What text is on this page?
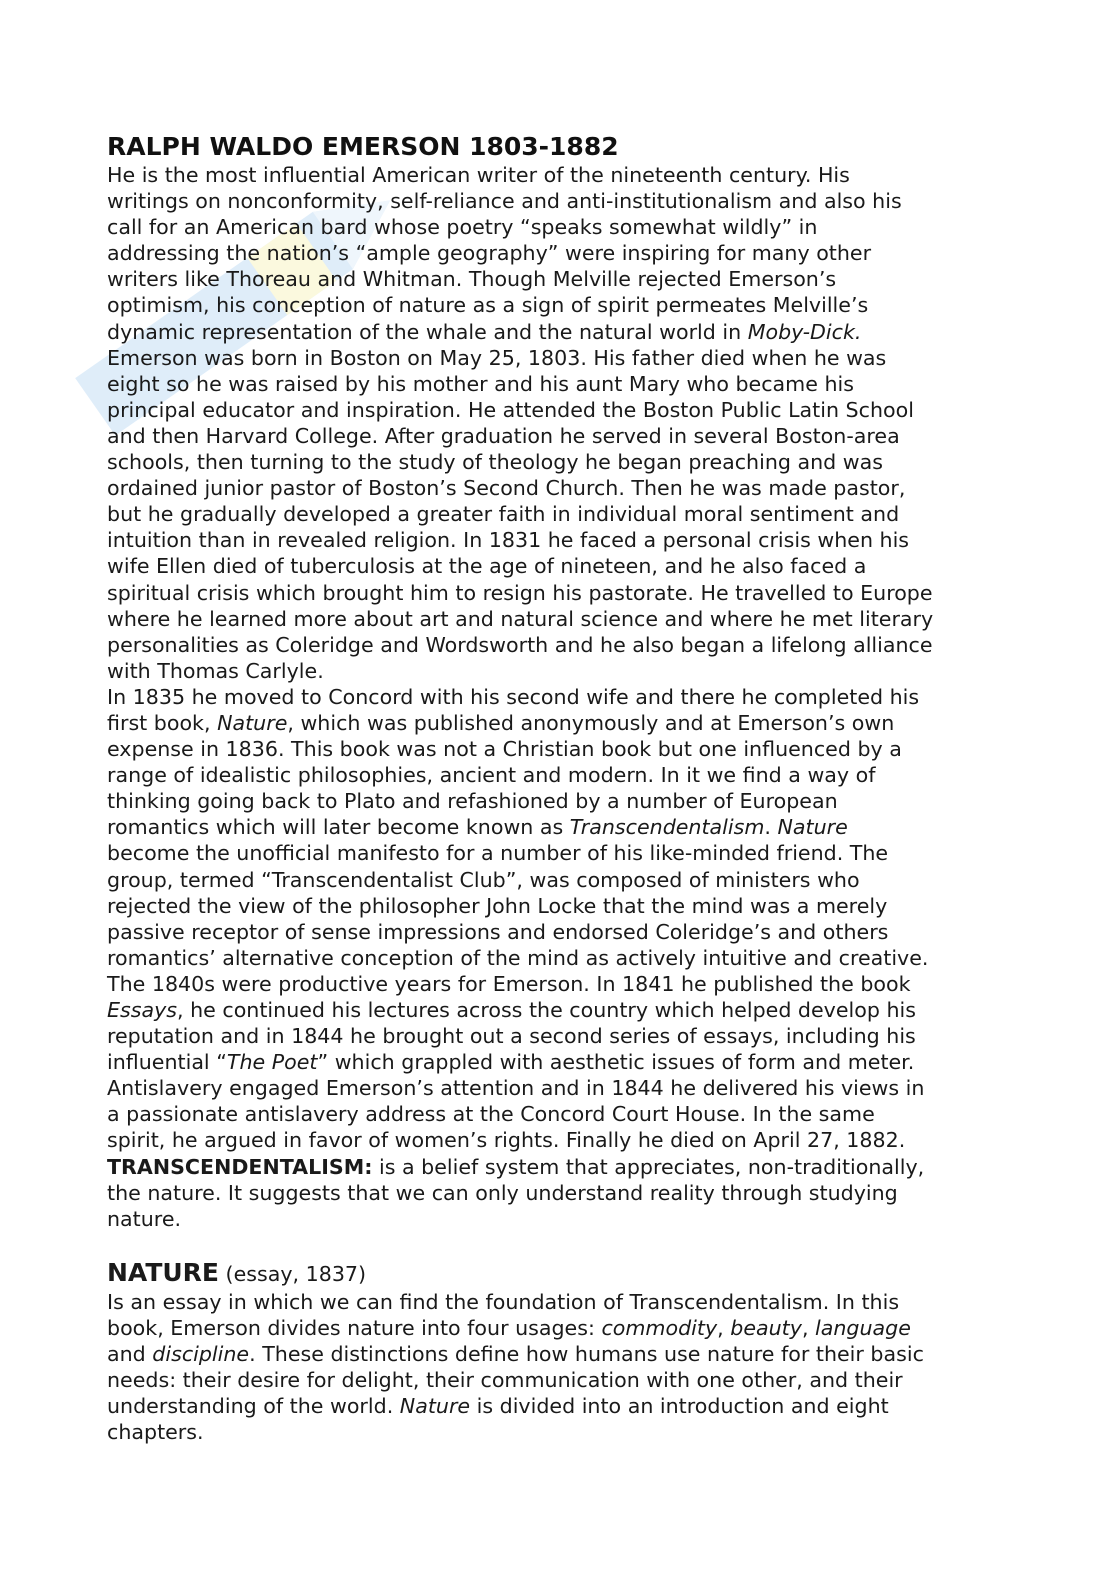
RALPH WALDO EMERSON 1803-1882
He is the most influential American writer of the nineteenth century. His
writings on nonconformity, self-reliance and anti-institutionalism and also his
call for an American bard whose poetry “speaks somewhat wildly” in
addressing the nation’s “ample geography” were inspiring for many other
writers like Thoreau and Whitman. Though Melville rejected Emerson’s
optimism, his conception of nature as a sign of spirit permeates Melville’s
dynamic representation of the whale and the natural world in Moby-Dick.
Emerson was born in Boston on May 25, 1803. His father died when he was
eight so he was raised by his mother and his aunt Mary who became his
principal educator and inspiration. He attended the Boston Public Latin School
and then Harvard College. After graduation he served in several Boston-area
schools, then turning to the study of theology he began preaching and was
ordained junior pastor of Boston’s Second Church. Then he was made pastor,
but he gradually developed a greater faith in individual moral sentiment and
intuition than in revealed religion. In 1831 he faced a personal crisis when his
wife Ellen died of tuberculosis at the age of nineteen, and he also faced a
spiritual crisis which brought him to resign his pastorate. He travelled to Europe
where he learned more about art and natural science and where he met literary
personalities as Coleridge and Wordsworth and he also began a lifelong alliance
with Thomas Carlyle.
In 1835 he moved to Concord with his second wife and there he completed his
first book, Nature, which was published anonymously and at Emerson’s own
expense in 1836. This book was not a Christian book but one influenced by a
range of idealistic philosophies, ancient and modern. In it we find a way of
thinking going back to Plato and refashioned by a number of European
romantics which will later become known as Transcendentalism. Nature
become the unofficial manifesto for a number of his like-minded friend. The
group, termed “Transcendentalist Club”, was composed of ministers who
rejected the view of the philosopher John Locke that the mind was a merely
passive receptor of sense impressions and endorsed Coleridge’s and others
romantics’ alternative conception of the mind as actively intuitive and creative.
The 1840s were productive years for Emerson. In 1841 he published the book
Essays, he continued his lectures across the country which helped develop his
reputation and in 1844 he brought out a second series of essays, including his
influential “The Poet” which grappled with aesthetic issues of form and meter.
Antislavery engaged Emerson’s attention and in 1844 he delivered his views in
a passionate antislavery address at the Concord Court House. In the same
spirit, he argued in favor of women’s rights. Finally he died on April 27, 1882.
TRANSCENDENTALISM: is a belief system that appreciates, non-traditionally,
the nature. It suggests that we can only understand reality through studying
nature.
NATURE (essay, 1837)
Is an essay in which we can find the foundation of Transcendentalism. In this
book, Emerson divides nature into four usages: commodity, beauty, language
and discipline. These distinctions define how humans use nature for their basic
needs: their desire for delight, their communication with one other, and their
understanding of the world. Nature is divided into an introduction and eight
chapters.
